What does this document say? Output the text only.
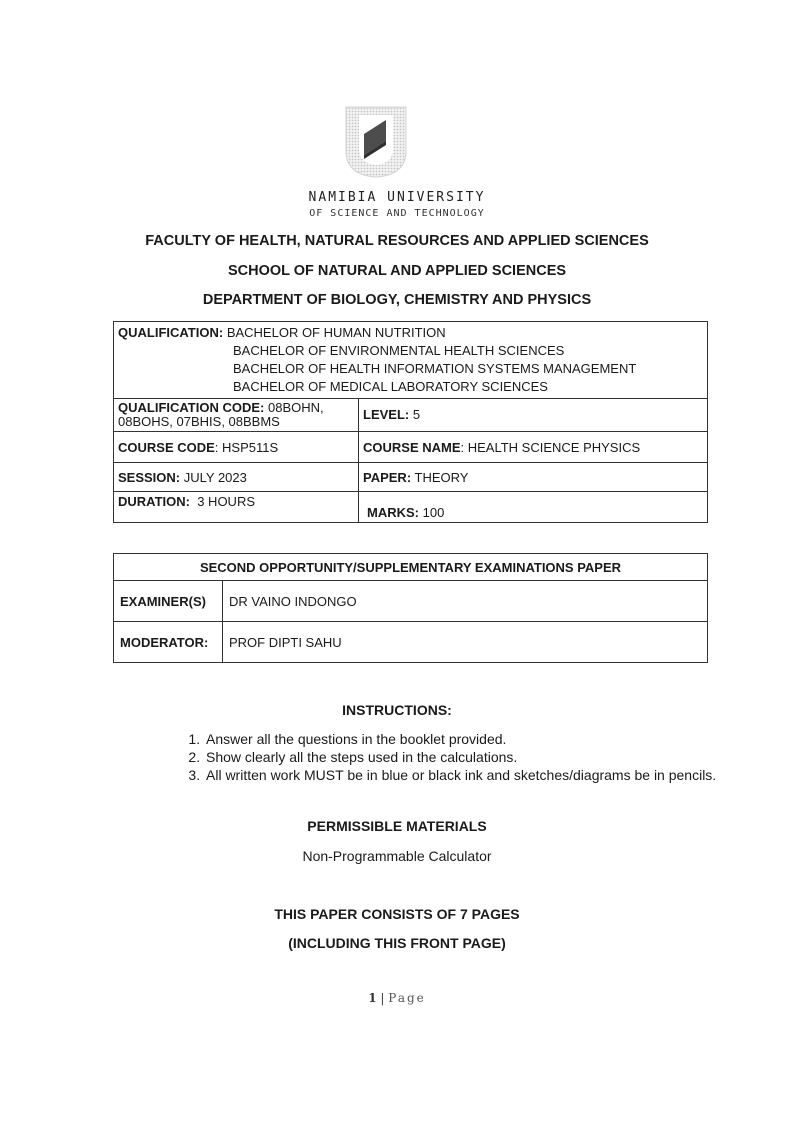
NAMIBIA UNIVERSITY
OF SCIENCE AND TECHNOLOGY
FACULTY OF HEALTH, NATURAL RESOURCES AND APPLIED SCIENCES
SCHOOL OF NATURAL AND APPLIED SCIENCES
DEPARTMENT OF BIOLOGY, CHEMISTRY AND PHYSICS
QUALIFICATION: BACHELOR OF HUMAN NUTRITION
BACHELOR OF ENVIRONMENTAL HEALTH SCIENCES
BACHELOR OF HEALTH INFORMATION SYSTEMS MANAGEMENT
BACHELOR OF MEDICAL LABORATORY SCIENCES	

QUALIFICATION CODE: 08BOHN,
08BOHS, 07BHIS, 08BBMS	LEVEL: 5
COURSE CODE: HSP511S	COURSE NAME: HEALTH SCIENCE PHYSICS
SESSION: JULY 2023	PAPER: THEORY
DURATION: 3 HOURS	MARKS: 100
SECOND OPPORTUNITY/SUPPLEMENTARY EXAMINATIONS PAPER	
EXAMINER(S)	DR VAINO INDONGO
MODERATOR:	PROF DIPTI SAHU
INSTRUCTIONS:
1. Answer all the questions in the booklet provided.
2. Show clearly all the steps used in the calculations.
3. All written work MUST be in blue or black ink and sketches/diagrams be in pencils.
PERMISSIBLE MATERIALS
Non-Programmable Calculator
THIS PAPER CONSISTS OF 7 PAGES
(INCLUDING THIS FRONT PAGE)
1 | Page
